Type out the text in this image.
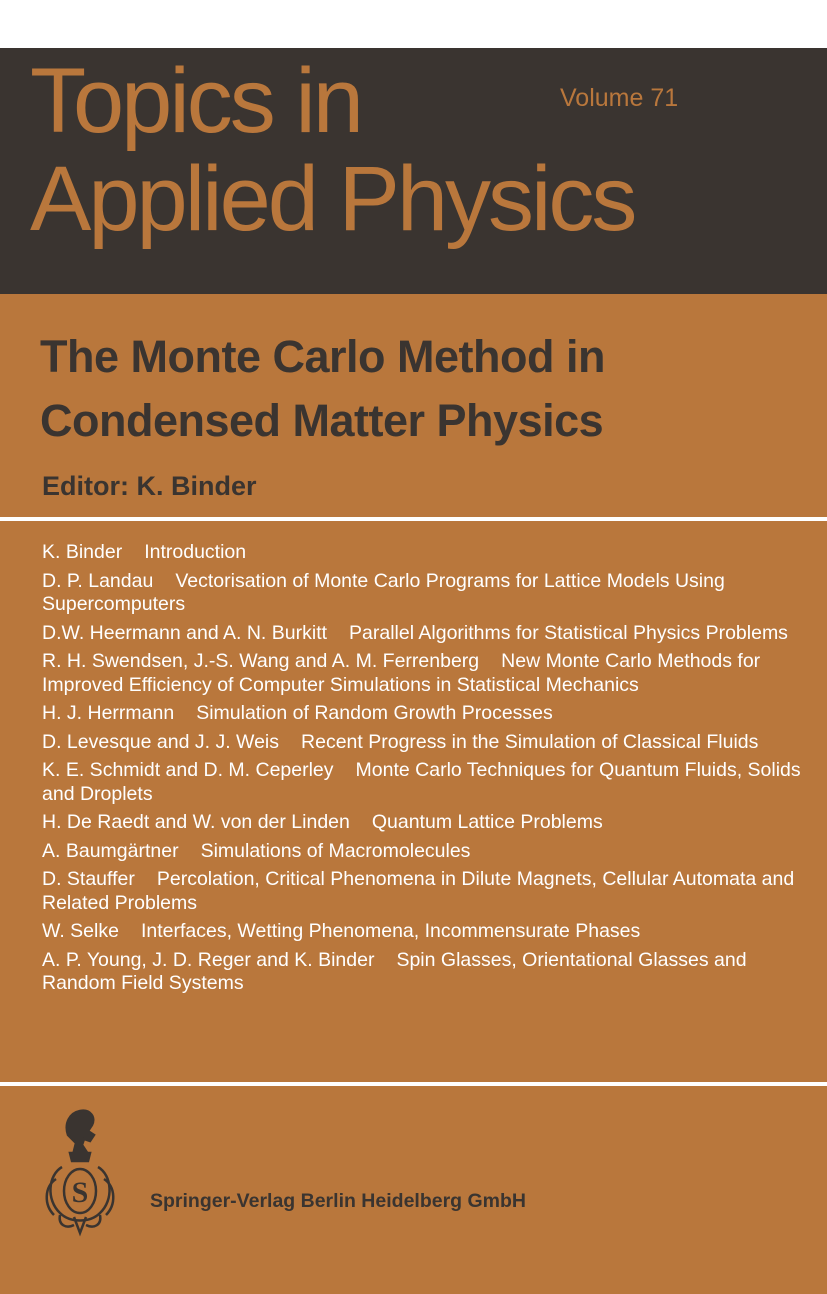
Topics in
Applied Physics
Volume 71
The Monte Carlo Method in
Condensed Matter Physics
Editor: K. Binder
K. Binder Introduction
D. P. Landau Vectorisation of Monte Carlo Programs for Lattice Models Using Supercomputers
D.W. Heermann and A. N. Burkitt Parallel Algorithms for Statistical Physics Problems
R. H. Swendsen, J.-S. Wang and A. M. Ferrenberg New Monte Carlo Methods for Improved Efficiency of Computer Simulations in Statistical Mechanics
H. J. Herrmann Simulation of Random Growth Processes
D. Levesque and J. J. Weis Recent Progress in the Simulation of Classical Fluids
K. E. Schmidt and D. M. Ceperley Monte Carlo Techniques for Quantum Fluids, Solids and Droplets
H. De Raedt and W. von der Linden Quantum Lattice Problems
A. Baumgärtner Simulations of Macromolecules
D. Stauffer Percolation, Critical Phenomena in Dilute Magnets, Cellular Automata and Related Problems
W. Selke Interfaces, Wetting Phenomena, Incommensurate Phases
A. P. Young, J. D. Reger and K. Binder Spin Glasses, Orientational Glasses and Random Field Systems
S	Springer-Verlag Berlin Heidelberg GmbH
